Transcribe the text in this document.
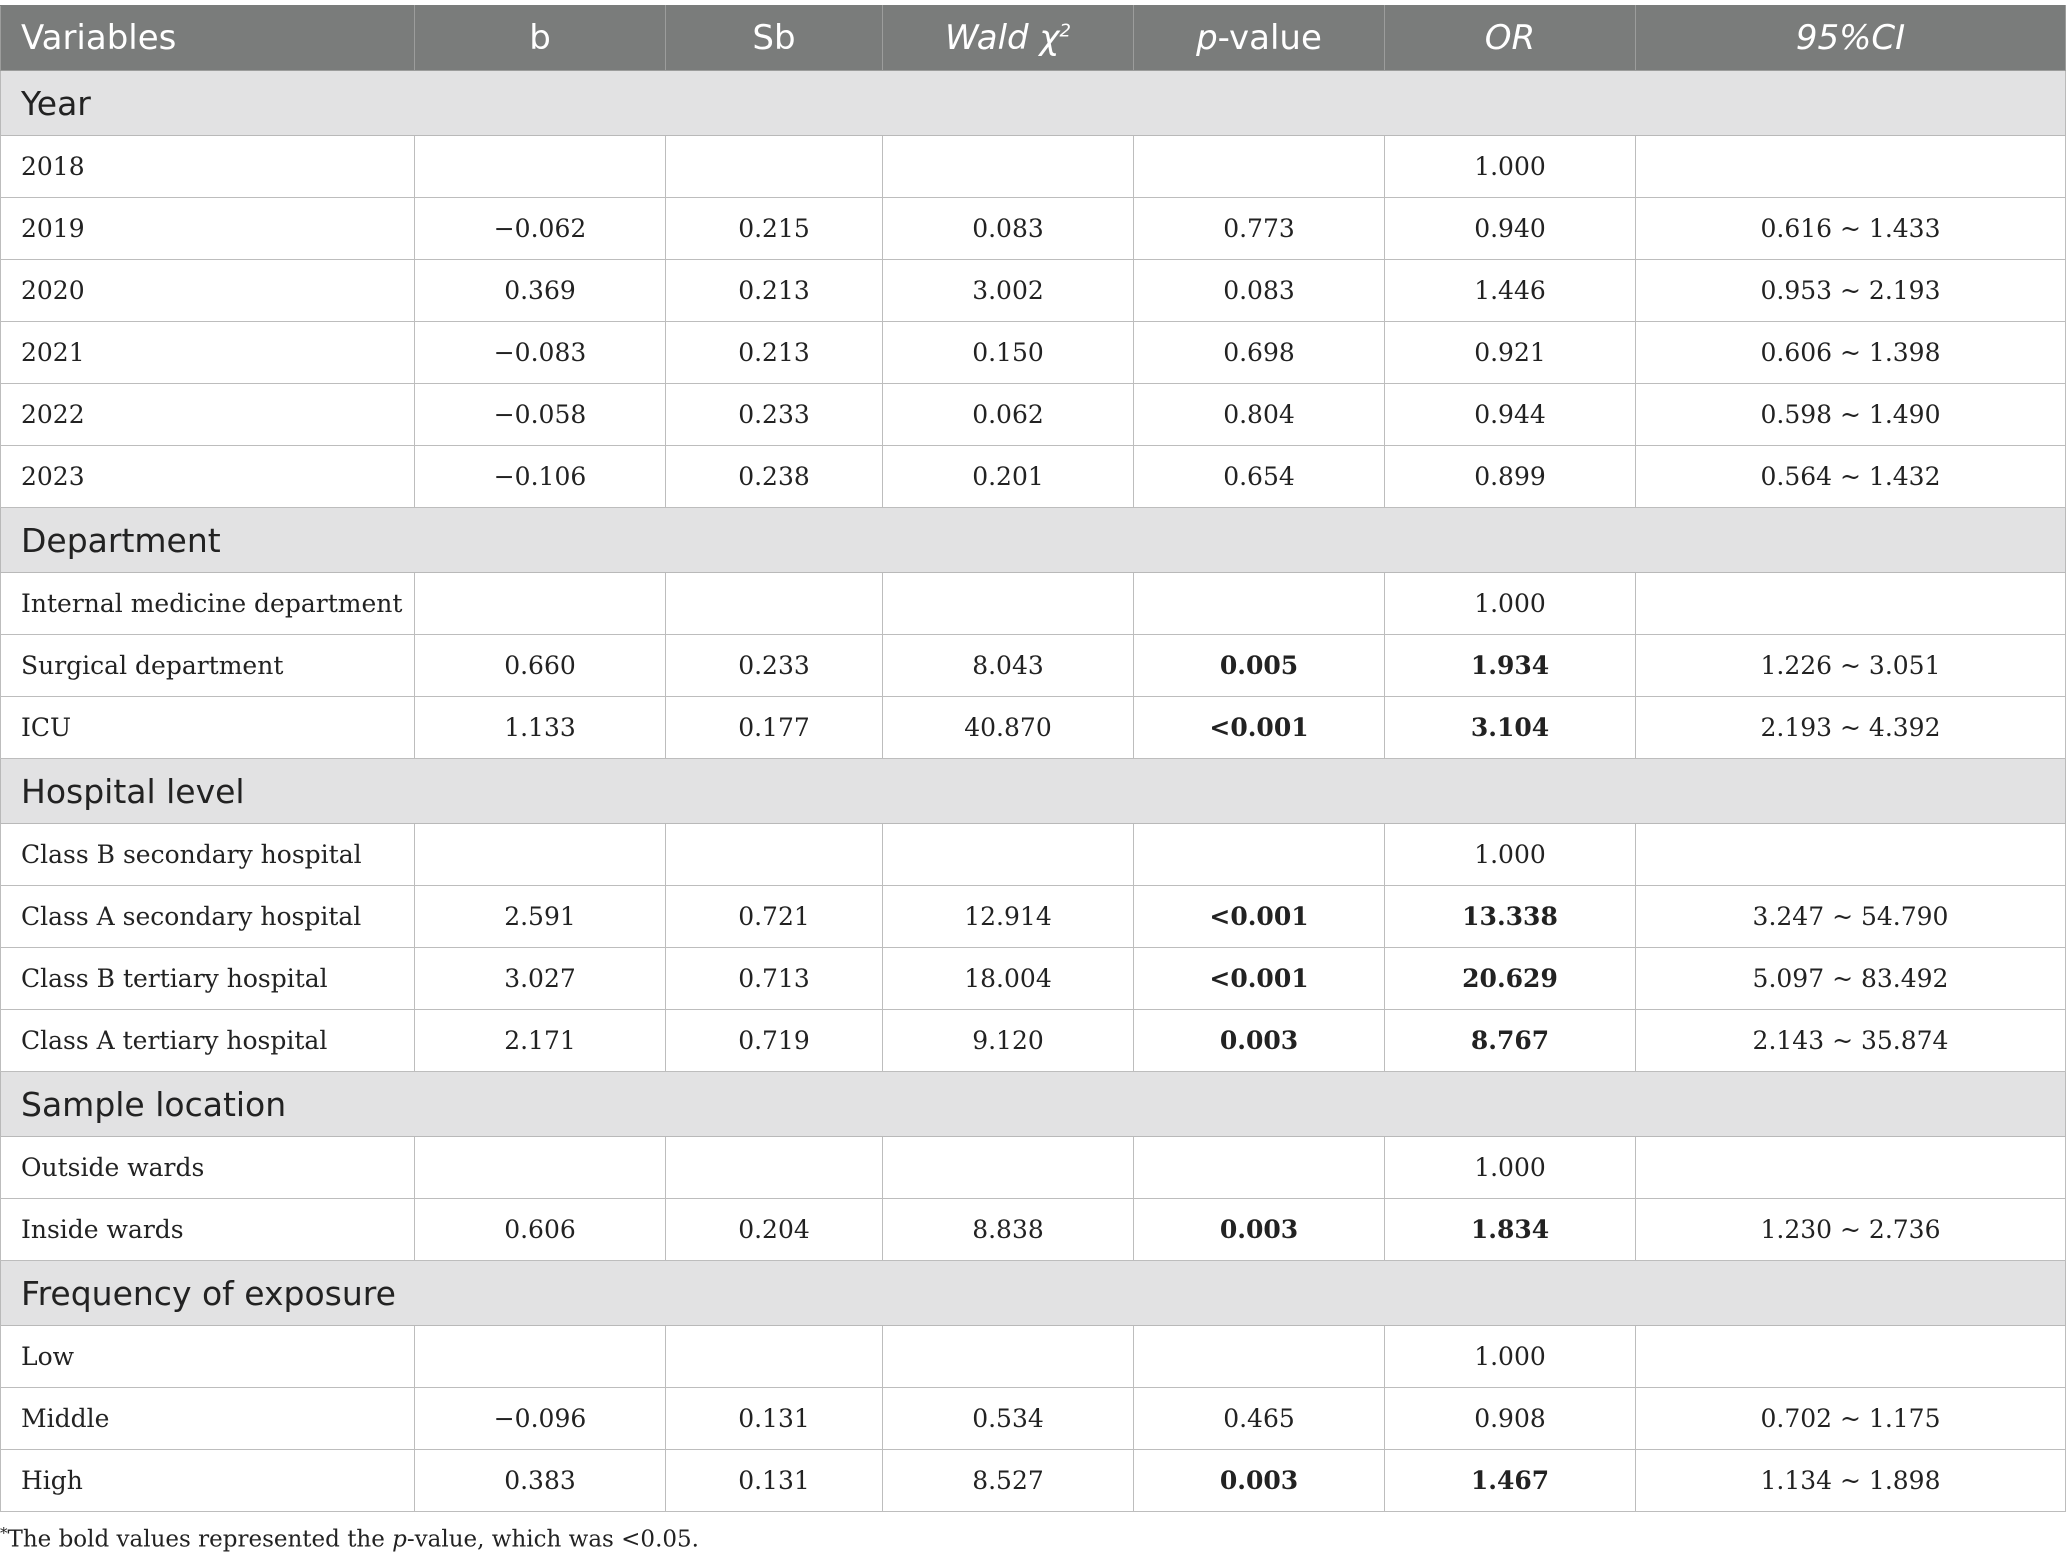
Variables	b	Sb	Wald $\chi^2$	p-value	OR	95%CI
Year						
2018					1.000	
2019	−0.062	0.215	0.083	0.773	0.940	0.616 ~ 1.433
2020	0.369	0.213	3.002	0.083	1.446	0.953 ~ 2.193
2021	−0.083	0.213	0.150	0.698	0.921	0.606 ~ 1.398
2022	−0.058	0.233	0.062	0.804	0.944	0.598 ~ 1.490
2023	−0.106	0.238	0.201	0.654	0.899	0.564 ~ 1.432
Department						
Internal medicine department					1.000	
Surgical department	0.660	0.233	8.043	0.005	1.934	1.226 ~ 3.051
ICU	1.133	0.177	40.870	<0.001	3.104	2.193 ~ 4.392
Hospital level						
Class B secondary hospital					1.000	
Class A secondary hospital	2.591	0.721	12.914	<0.001	13.338	3.247 ~ 54.790
Class B tertiary hospital	3.027	0.713	18.004	<0.001	20.629	5.097 ~ 83.492
Class A tertiary hospital	2.171	0.719	9.120	0.003	8.767	2.143 ~ 35.874
Sample location						
Outside wards					1.000	
Inside wards	0.606	0.204	8.838	0.003	1.834	1.230 ~ 2.736
Frequency of exposure						
Low					1.000	
Middle	−0.096	0.131	0.534	0.465	0.908	0.702 ~ 1.175
High	0.383	0.131	8.527	0.003	1.467	1.134 ~ 1.898
*The bold values represented the p-value, which was <0.05.
